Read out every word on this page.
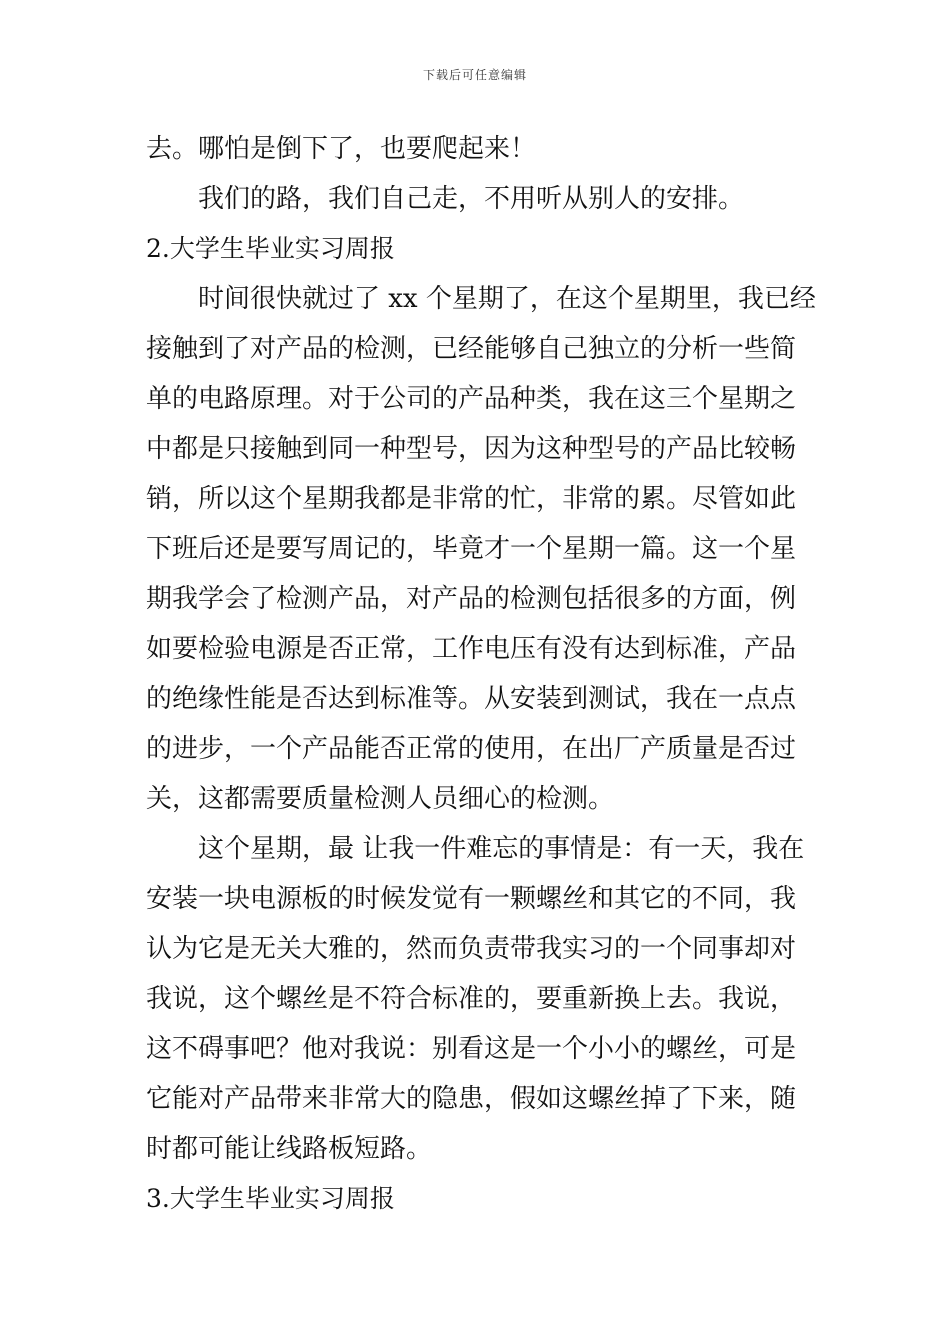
下载后可任意编辑
去。哪怕是倒下了，也要爬起来！
我们的路，我们自己走，不用听从别人的安排。
2.大学生毕业实习周报
时间很快就过了 xx 个星期了，在这个星期里，我已经
接触到了对产品的检测，已经能够自己独立的分析一些简
单的电路原理。对于公司的产品种类，我在这三个星期之
中都是只接触到同一种型号，因为这种型号的产品比较畅
销，所以这个星期我都是非常的忙，非常的累。尽管如此
下班后还是要写周记的，毕竟才一个星期一篇。这一个星
期我学会了检测产品，对产品的检测包括很多的方面，例
如要检验电源是否正常，工作电压有没有达到标准，产品
的绝缘性能是否达到标准等。从安装到测试，我在一点点
的进步，一个产品能否正常的使用，在出厂产质量是否过
关，这都需要质量检测人员细心的检测。
这个星期，最 让我一件难忘的事情是：有一天，我在
安装一块电源板的时候发觉有一颗螺丝和其它的不同，我
认为它是无关大雅的，然而负责带我实习的一个同事却对
我说，这个螺丝是不符合标准的，要重新换上去。我说，
这不碍事吧？他对我说：别看这是一个小小的螺丝，可是
它能对产品带来非常大的隐患，假如这螺丝掉了下来，随
时都可能让线路板短路。
3.大学生毕业实习周报
